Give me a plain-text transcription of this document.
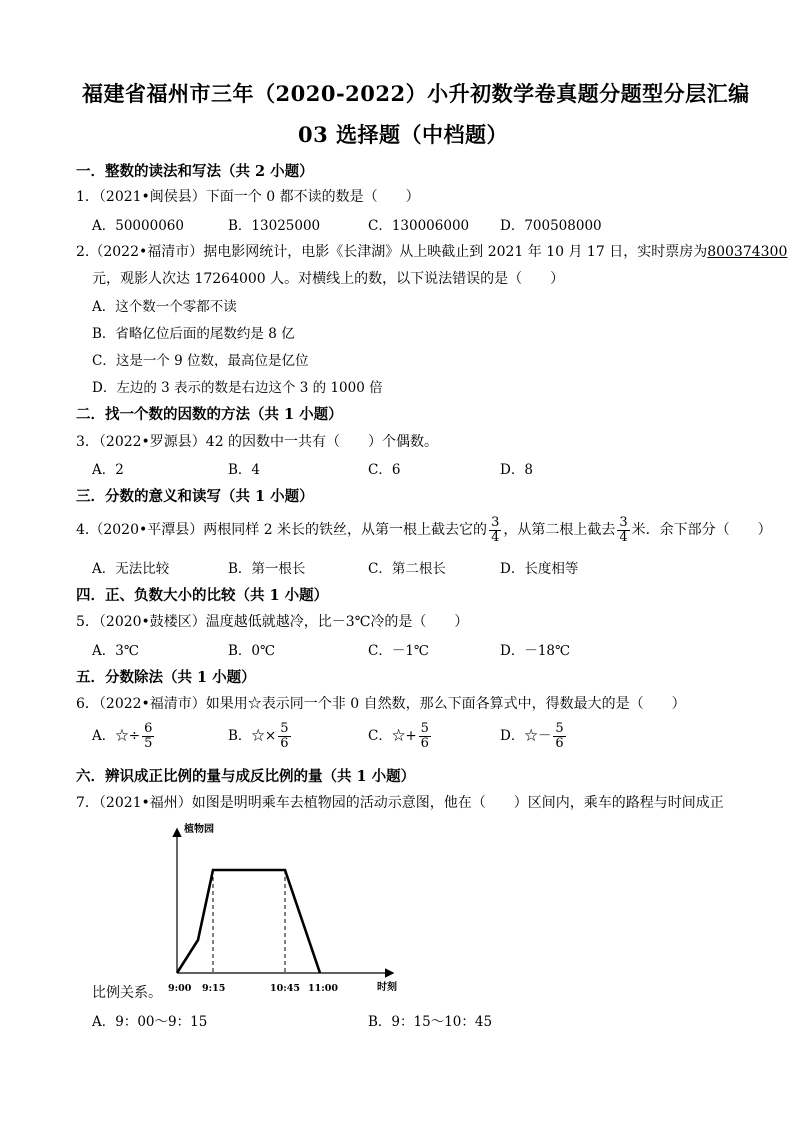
福建省福州市三年（2020-2022）小升初数学卷真题分题型分层汇编
03 选择题（中档题）
一．整数的读法和写法（共 2 小题）
1．（2021•闽侯县）下面一个 0 都不读的数是（　　）
A．50000060	B．13025000	C．130006000 D．700508000
2.（2022•福清市）据电影网统计，电影《长津湖》从上映截止到 2021 年 10 月 17 日，实时票房为800374300
元，观影人次达 17264000 人。对横线上的数，以下说法错误的是（　　）
A．这个数一个零都不读
B．省略亿位后面的尾数约是 8 亿
C．这是一个 9 位数，最高位是亿位
D．左边的 3 表示的数是右边这个 3 的 1000 倍
二．找一个数的因数的方法（共 1 小题）
3．（2022•罗源县）42 的因数中一共有（　　）个偶数。
A．2	B．4	C．6	D．8
三．分数的意义和读写（共 1 小题）
4.（2020•平潭县）两根同样 2 米长的铁丝，从第一根上截去它的 $\frac{3}{4}$ ，从第二根上截去 $\frac{3}{4}$ 米．余下部分（　　）
A．无法比较	B．第一根长	C．第二根长	D．长度相等
四．正、负数大小的比较（共 1 小题）
5．（2020•鼓楼区）温度越低就越冷，比－3℃冷的是（　　）
A．3℃	B．0℃	C．－1℃	D．－18℃
五．分数除法（共 1 小题）
6．（2022•福清市）如果用☆表示同一个非 0 自然数，那么下面各算式中，得数最大的是（　　）
A．☆÷ $\frac{6}{5}$	B．☆× $\frac{5}{6}$	C．☆+ $\frac{5}{6}$	D．☆－ $\frac{5}{6}$
六．辨识成正比例的量与成反比例的量（共 1 小题）
7．（2021•福州）如图是明明乘车去植物园的活动示意图，他在（　　）区间内，乘车的路程与时间成正
植物园
时刻
9:00 9:15	10:45 11:00
比例关系。
A．9：00～9：15	B．9：15～10：45
